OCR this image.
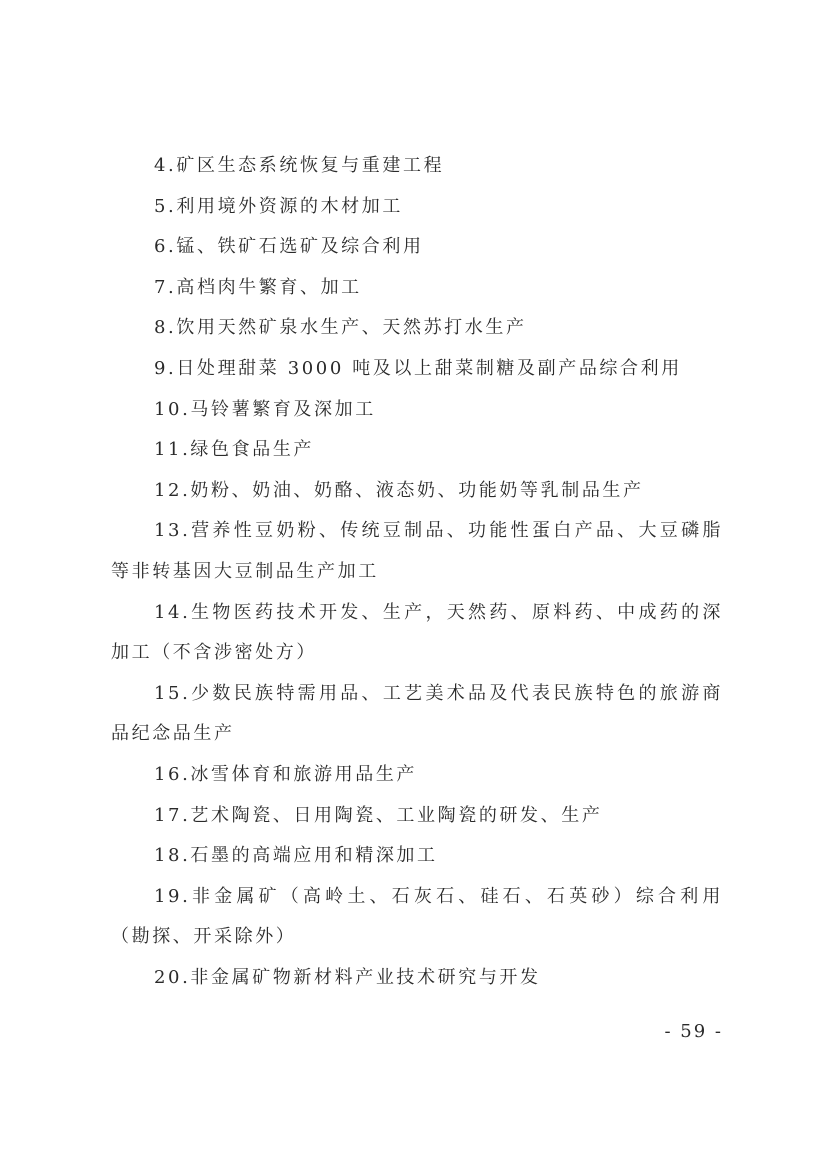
4.矿区生态系统恢复与重建工程
5.利用境外资源的木材加工
6.锰、铁矿石选矿及综合利用
7.高档肉牛繁育、加工
8.饮用天然矿泉水生产、天然苏打水生产
9.日处理甜菜 3000 吨及以上甜菜制糖及副产品综合利用
10.马铃薯繁育及深加工
11.绿色食品生产
12.奶粉、奶油、奶酪、液态奶、功能奶等乳制品生产
13.营养性豆奶粉、传统豆制品、功能性蛋白产品、大豆磷脂等非转基因大豆制品生产加工
14.生物医药技术开发、生产，天然药、原料药、中成药的深加工（不含涉密处方）
15.少数民族特需用品、工艺美术品及代表民族特色的旅游商品纪念品生产
16.冰雪体育和旅游用品生产
17.艺术陶瓷、日用陶瓷、工业陶瓷的研发、生产
18.石墨的高端应用和精深加工
19.非金属矿（高岭土、石灰石、硅石、石英砂）综合利用（勘探、开采除外）
20.非金属矿物新材料产业技术研究与开发
- 59 -
